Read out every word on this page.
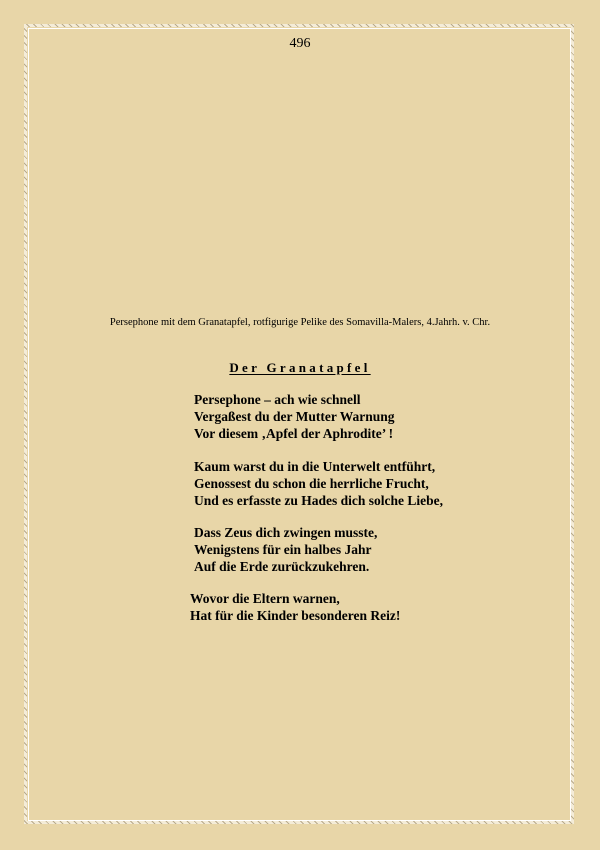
496
Persephone mit dem Granatapfel, rotfigurige Pelike des Somavilla-Malers, 4.Jahrh. v. Chr.
Der Granatapfel
Persephone – ach wie schnell
Vergaßest du der Mutter Warnung
Vor diesem ‚Apfel der Aphrodite’ !
Kaum warst du in die Unterwelt entführt,
Genossest du schon die herrliche Frucht,
Und es erfasste zu Hades dich solche Liebe,
Dass Zeus dich zwingen musste,
Wenigstens für ein halbes Jahr
Auf die Erde zurückzukehren.
Wovor die Eltern warnen,
Hat für die Kinder besonderen Reiz!
